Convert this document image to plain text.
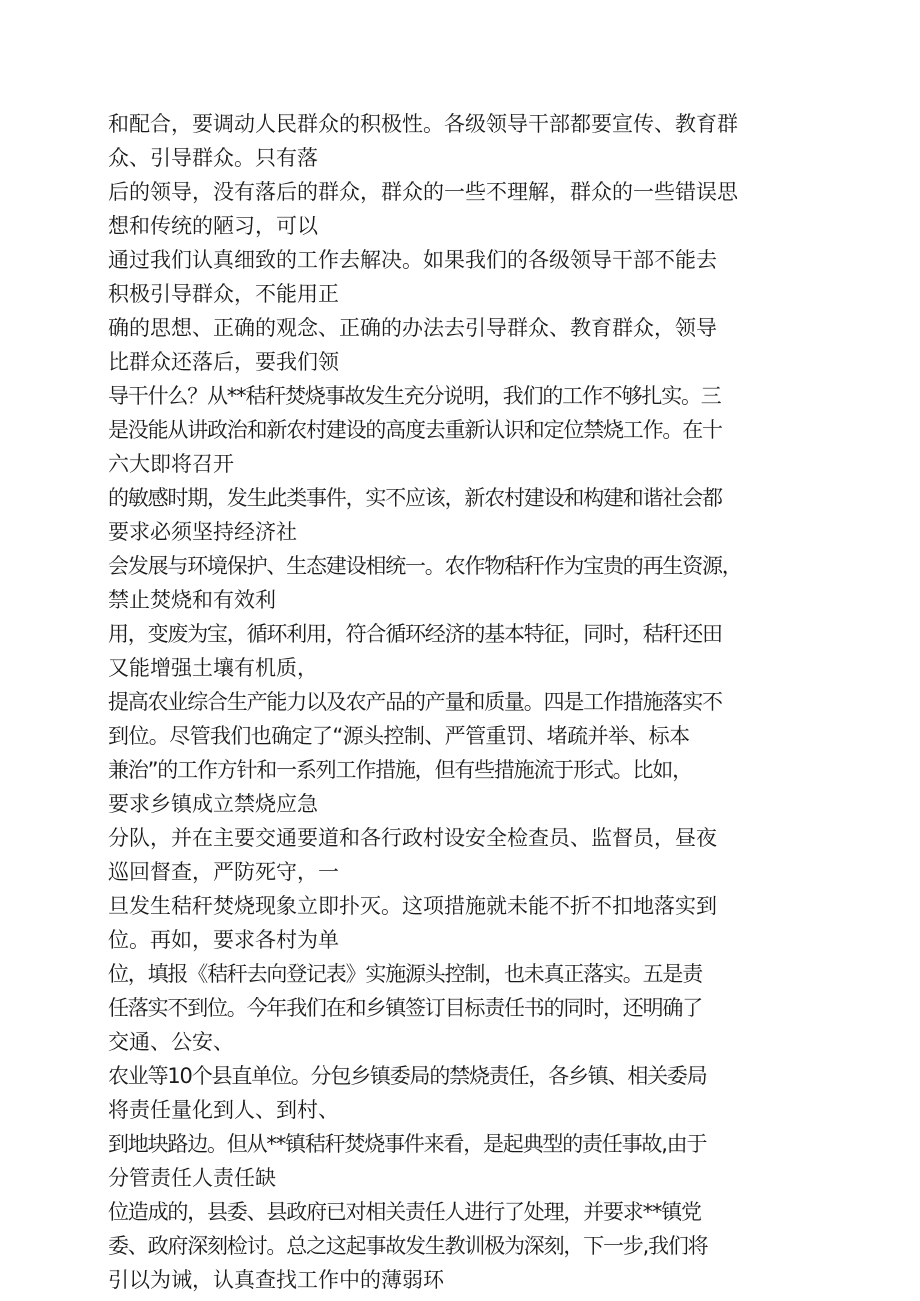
和配合，要调动人民群众的积极性。各级领导干部都要宣传、教育群
众、引导群众。只有落
后的领导，没有落后的群众，群众的一些不理解，群众的一些错误思
想和传统的陋习，可以
通过我们认真细致的工作去解决。如果我们的各级领导干部不能去
积极引导群众，不能用正
确的思想、正确的观念、正确的办法去引导群众、教育群众，领导
比群众还落后，要我们领
导干什么？从**秸秆焚烧事故发生充分说明，我们的工作不够扎实。三
是没能从讲政治和新农村建设的高度去重新认识和定位禁烧工作。在十
六大即将召开
的敏感时期，发生此类事件，实不应该，新农村建设和构建和谐社会都
要求必须坚持经济社
会发展与环境保护、生态建设相统一。农作物秸秆作为宝贵的再生资源，
禁止焚烧和有效利
用，变废为宝，循环利用，符合循环经济的基本特征，同时，秸秆还田
又能增强土壤有机质，
提高农业综合生产能力以及农产品的产量和质量。四是工作措施落实不
到位。尽管我们也确定了“源头控制、严管重罚、堵疏并举、标本
兼治”的工作方针和一系列工作措施，但有些措施流于形式。比如，
要求乡镇成立禁烧应急
分队，并在主要交通要道和各行政村设安全检查员、监督员，昼夜
巡回督查，严防死守，一
旦发生秸秆焚烧现象立即扑灭。这项措施就未能不折不扣地落实到
位。再如，要求各村为单
位，填报《秸秆去向登记表》实施源头控制，也未真正落实。五是责
任落实不到位。今年我们在和乡镇签订目标责任书的同时，还明确了
交通、公安、
农业等10个县直单位。分包乡镇委局的禁烧责任，各乡镇、相关委局
将责任量化到人、到村、
到地块路边。但从**镇秸秆焚烧事件来看，是起典型的责任事故,由于
分管责任人责任缺
位造成的，县委、县政府已对相关责任人进行了处理，并要求**镇党
委、政府深刻检讨。总之这起事故发生教训极为深刻，下一步,我们将
引以为诫，认真查找工作中的薄弱环
